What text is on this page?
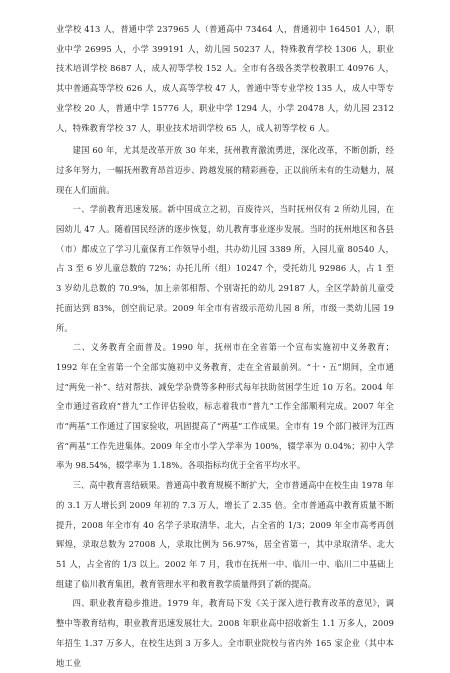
业学校 413 人，普通中学 237965 人（普通高中 73464 人，普通初中 164501 人），职业中学 26995 人，小学 399191 人，幼儿园 50237 人，特殊教育学校 1306 人，职业技术培训学校 8687 人，成人初等学校 152 人。全市有各级各类学校教职工 40976 人，其中普通高等学校 626 人，成人高等学校 47 人，普通中等专业学校 135 人，成人中等专业学校 20 人，普通中学 15776 人，职业中学 1294 人，小学 20478 人，幼儿园 2312 人，特殊教育学校 37 人，职业技术培训学校 65 人，成人初等学校 6 人。

建国 60 年，尤其是改革开放 30 年来，抚州教育激流勇进，深化改革，不断创新，经过多年努力，一幅抚州教育昂首迈步、跨越发展的精彩画卷，正以前所未有的生动魅力，展现在人们面前。

一、学前教育迅速发展。新中国成立之初，百废待兴，当时抚州仅有 2 所幼儿园，在园幼儿 47 人。随着国民经济的逐步恢复，幼儿教育事业逐步发展。当时的抚州地区和各县（市）都成立了学习儿童保育工作领导小组，共办幼儿园 3389 所，入园儿童 80540 人，占 3 至 6 岁儿童总数的 72%；办托儿所（组）10247 个，受托幼儿 92986 人，占 1 至 3 岁幼儿总数的 70.9%，加上亲邻相帮、个别寄托的幼儿 29187 人，全区学龄前儿童受托面达到 83%，创空前记录。2009 年全市有省级示范幼儿园 8 所，市级一类幼儿园 19 所。

二、义务教育全面普及。1990 年，抚州市在全省第一个宣布实施初中义务教育；1992 年在全省第一个全部实施初中义务教育，走在全省最前列。“十・五”期间，全市通过“两免一补”、结对帮扶、减免学杂费等多种形式每年扶助贫困学生近 10 万名。2004 年全市通过省政府“普九”工作评估验收，标志着我市“普九”工作全部顺利完成。2007 年全市“两基”工作通过了国家验收，巩固提高了“两基”工作成果。全市有 19 个部门被评为江西省“两基”工作先进集体。2009 年全市小学入学率为 100%，辍学率为 0.04%；初中入学率为 98.54%，辍学率为 1.18%。各项指标均优于全省平均水平。

三、高中教育喜结硕果。普通高中教育规模不断扩大，全市普通高中在校生由 1978 年的 3.1 万人增长到 2009 年初的 7.3 万人，增长了 2.35 倍。全市普通高中教育质量不断提升，2008 年全市有 40 名学子录取清华、北大，占全省的 1/3；2009 年全市高考再创辉煌，录取总数为 27008 人，录取比例为 56.97%，居全省第一，其中录取清华、北大 51 人，占全省的 1/3 以上。2002 年 7 月，我市在抚州一中、临川一中、临川二中基础上组建了临川教育集团，教育管理水平和教育教学质量得到了新的提高。

四、职业教育稳步推进。1979 年，教育局下发《关于深入进行教育改革的意见》，调整中等教育结构，职业教育迅速发展壮大。2008 年职业高中招收新生 1.1 万多人，2009 年招生 1.37 万多人，在校生达到 3 万多人。全市职业院校与省内外 165 家企业（其中本地工业
